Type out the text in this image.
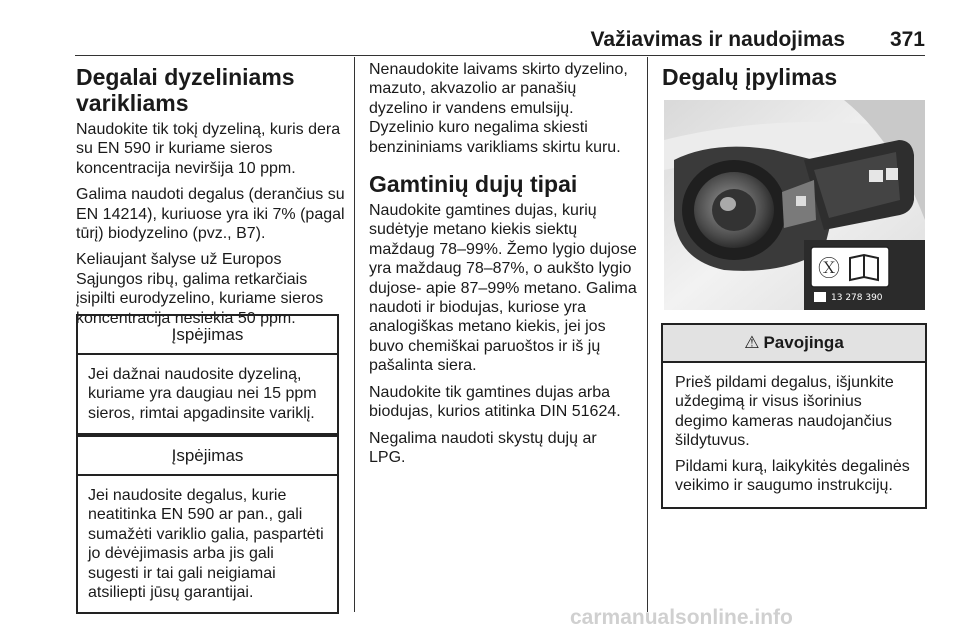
Važiavimas ir naudojimas 371
Degalai dyzeliniams varikliams

Naudokite tik tokį dyzeliną, kuris dera su EN 590 ir kuriame sieros koncentracija neviršija 10 ppm.

Galima naudoti degalus (derančius su EN 14214), kuriuose yra iki 7% (pagal tūrį) biodyzelino (pvz., B7).

Keliaujant šalyse už Europos Sąjungos ribų, galima retkarčiais įsipilti eurodyzelino, kuriame sieros koncentracija nesiekia 50 ppm.

Įspėjimas
Jei dažnai naudosite dyzeliną, kuriame yra daugiau nei 15 ppm sieros, rimtai apgadinsite variklį.
Įspėjimas
Jei naudosite degalus, kurie neatitinka EN 590 ar pan., gali sumažėti variklio galia, paspartėti jo dėvėjimasis arba jis gali sugesti ir tai gali neigiamai atsiliepti jūsų garantijai.

Nenaudokite laivams skirto dyzelino, mazuto, akvazolio ar panašių dyzelino ir vandens emulsijų.

Dyzelinio kuro negalima skiesti benzininiams varikliams skirtu kuru.

Gamtinių dujų tipai

Naudokite gamtines dujas, kurių sudėtyje metano kiekis siektų maždaug 78–99%. Žemo lygio dujose yra maždaug 78–87%, o aukšto lygio dujose- apie 87–99% metano. Galima naudoti ir biodujas, kuriose yra analogiškas metano kiekis, jei jos buvo chemiškai paruoštos ir iš jų pašalinta siera.

Naudokite tik gamtines dujas arba biodujas, kurios atitinka DIN 51624.

Negalima naudoti skystų dujų ar LPG.

Degalų įpylimas
Ⓧ
13 278 390
⚠ Pavojinga

Prieš pildami degalus, išjunkite uždegimą ir visus išorinius degimo kameras naudojančius šildytuvus.

Pildami kurą, laikykitės degalinės veikimo ir saugumo instrukcijų.

carmanualsonline.info
